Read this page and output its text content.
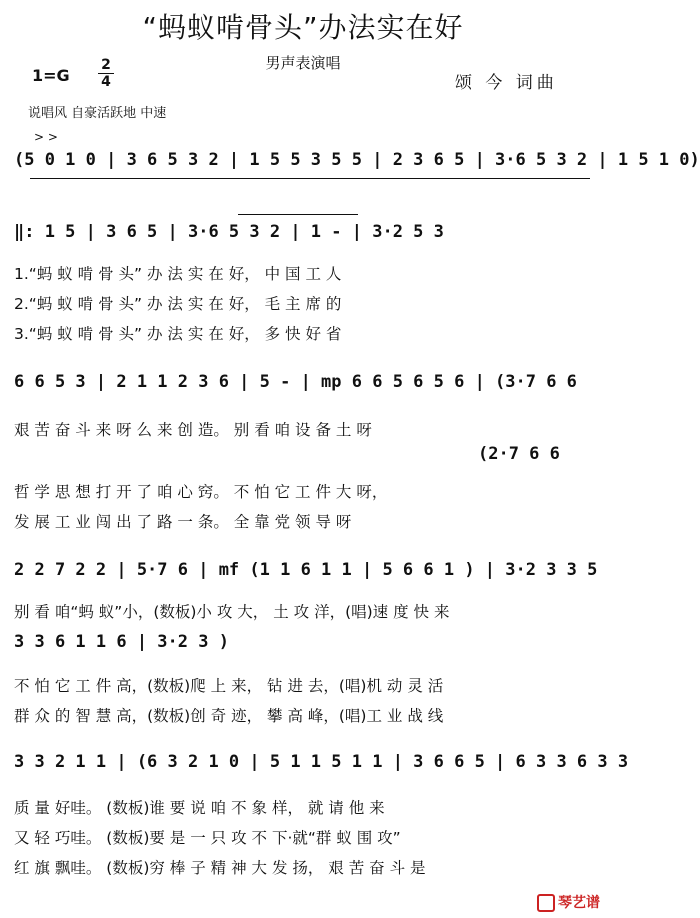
“蚂蚁啃骨头”办法实在好
男声表演唱
1=G
2
4	颂 今 词曲
说唱风 自豪活跃地 中速
> >
(5 0 1 0 | 3 6 5 3 2 | 1 5 5 3 5 5 | 2 3 6 5 | 3·6 5 3 2 | 1 5 1 0)
‖: 1 5 | 3 6 5 | 3·6 5 3 2 | 1 - | 3·2 5 3
1.“蚂 蚁 啃 骨 头” 办 法 实 在 好， 中 国 工 人
2.“蚂 蚁 啃 骨 头” 办 法 实 在 好， 毛 主 席 的
3.“蚂 蚁 啃 骨 头” 办 法 实 在 好， 多 快 好 省
6 6 5 3 | 2 1 1 2 3 6 | 5 - | mp 6 6 5 6 5 6 | (3·7 6 6
艰 苦 奋 斗 来 呀 么 来 创 造。 别 看 咱 设 备 土 呀
(2·7 6 6
哲 学 思 想 打 开 了 咱 心 窍。 不 怕 它 工 件 大 呀，
发 展 工 业 闯 出 了 路 一 条。 全 靠 党 领 导 呀
2 2 7 2 2 | 5·7 6 | mf (1 1 6 1 1 | 5 6 6 1 ) | 3·2 3 3 5
别 看 咱“蚂 蚁”小，(数板)小 攻 大， 土 攻 洋，(唱)速 度 快 来
3 3 6 1 1 6 | 3·2 3 )
不 怕 它 工 件 高，(数板)爬 上 来， 钻 进 去，(唱)机 动 灵 活
群 众 的 智 慧 高，(数板)创 奇 迹， 攀 高 峰，(唱)工 业 战 线
3 3 2 1 1 | (6 3 2 1 0 | 5 1 1 5 1 1 | 3 6 6 5 | 6 3 3 6 3 3
质 量 好哇。 (数板)谁 要 说 咱 不 象 样， 就 请 他 来
又 轻 巧哇。 (数板)要 是 一 只 攻 不 下·就“群 蚁 围 攻”
红 旗 飘哇。 (数板)穷 棒 子 精 神 大 发 扬， 艰 苦 奋 斗 是
琴艺谱
